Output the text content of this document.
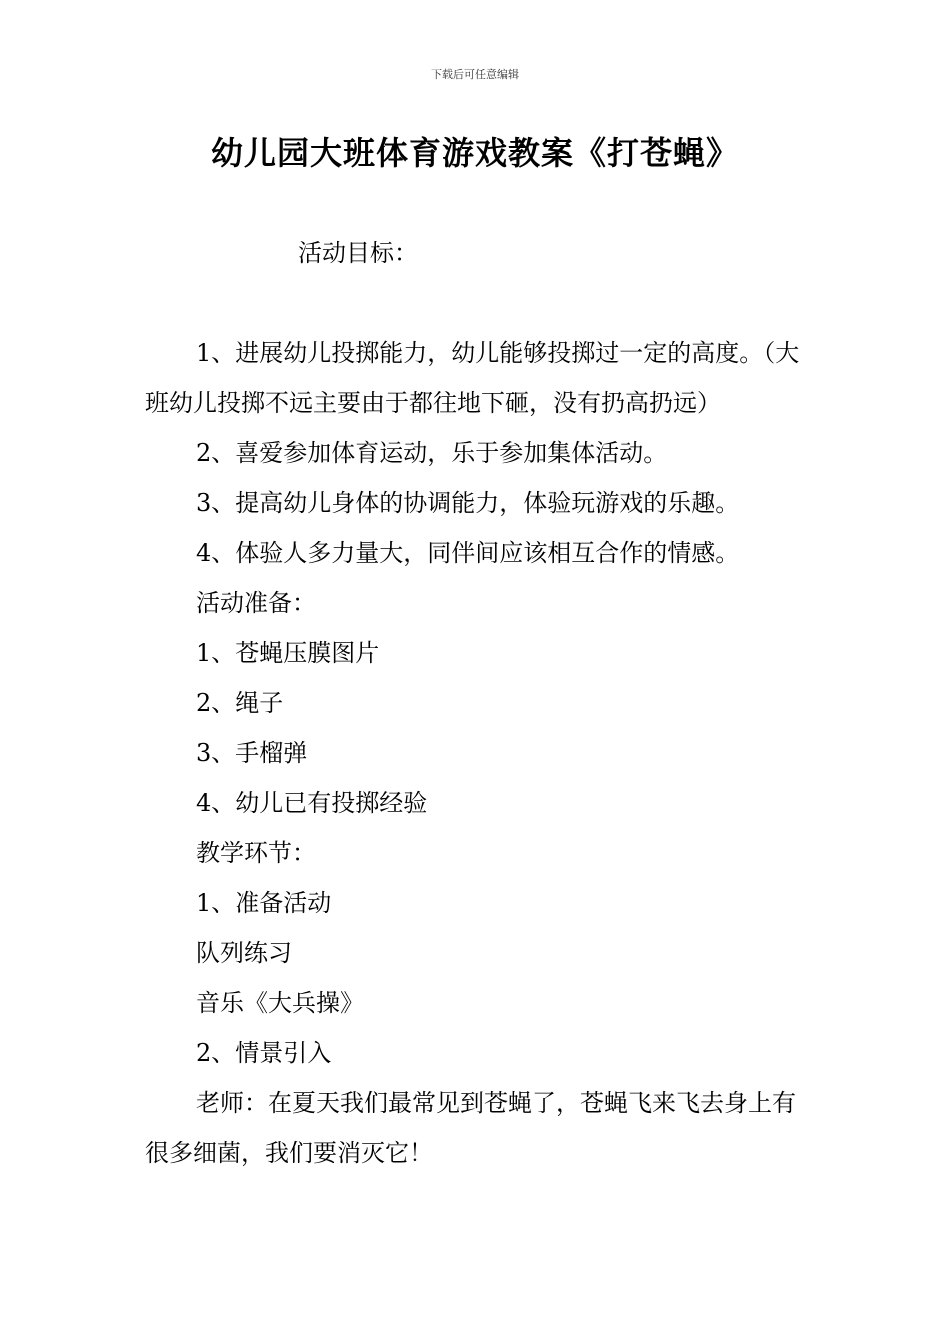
下载后可任意编辑
幼儿园大班体育游戏教案《打苍蝇》

活动目标：

1、进展幼儿投掷能力，幼儿能够投掷过一定的高度。（大班幼儿投掷不远主要由于都往地下砸，没有扔高扔远）

2、喜爱参加体育运动，乐于参加集体活动。

3、提高幼儿身体的协调能力，体验玩游戏的乐趣。

4、体验人多力量大，同伴间应该相互合作的情感。

活动准备：

1、苍蝇压膜图片

2、绳子

3、手榴弹

4、幼儿已有投掷经验

教学环节：

1、准备活动

队列练习

音乐《大兵操》

2、情景引入

老师：在夏天我们最常见到苍蝇了，苍蝇飞来飞去身上有很多细菌，我们要消灭它！
